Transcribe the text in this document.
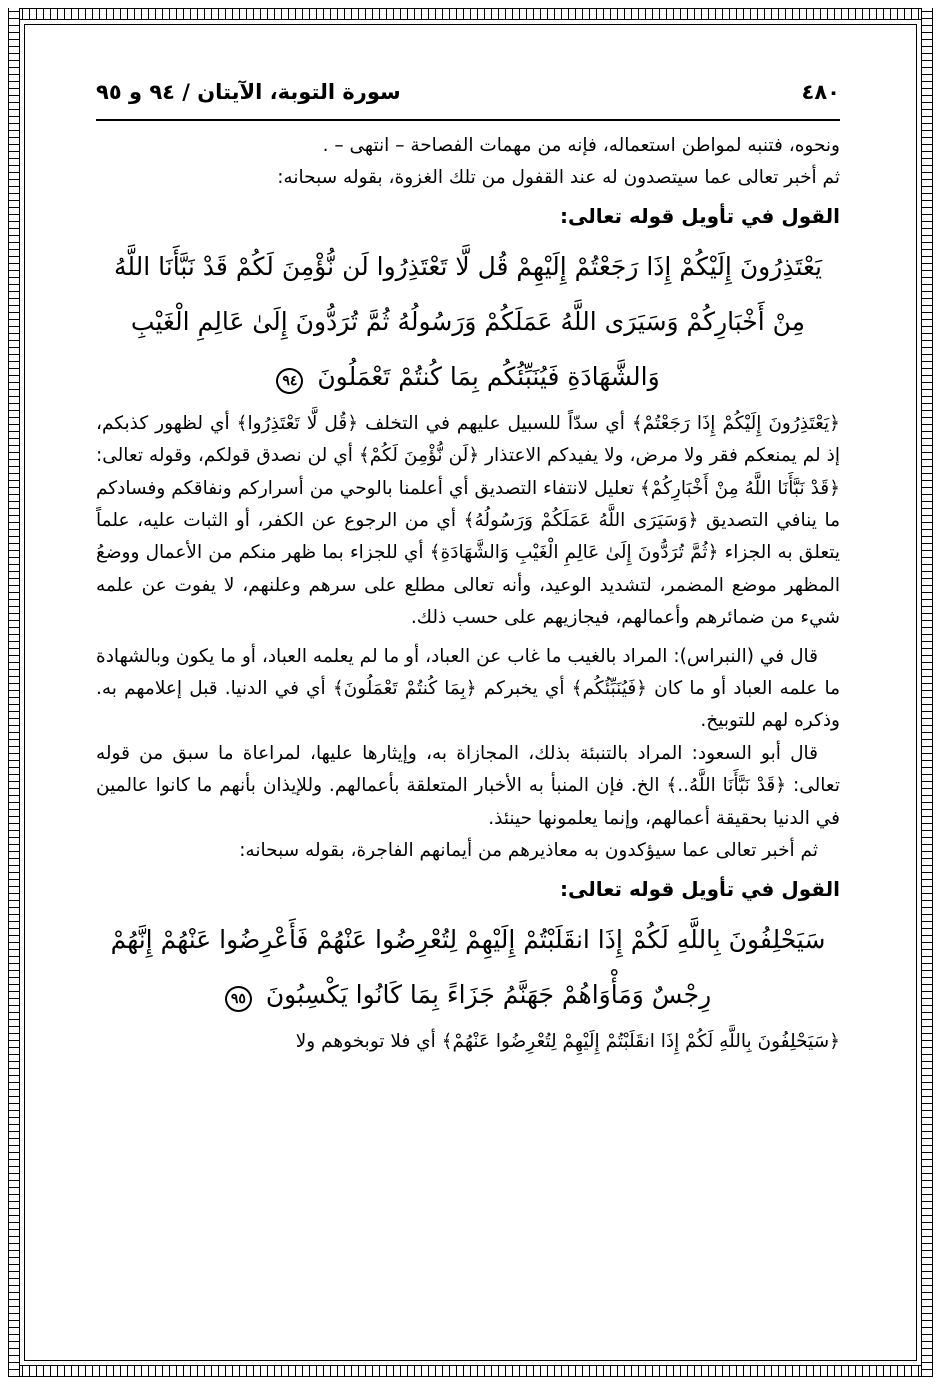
٤٨٠
سورة التوبة، الآيتان / ٩٤ و ٩٥

ونحوه، فتنبه لمواطن استعماله، فإنه من مهمات الفصاحة – انتهى – .

ثم أخبر تعالى عما سيتصدون له عند القفول من تلك الغزوة، بقوله سبحانه:

القول في تأويل قوله تعالى:

يَعْتَذِرُونَ إِلَيْكُمْ إِذَا رَجَعْتُمْ إِلَيْهِمْ قُل لَّا تَعْتَذِرُوا لَن نُّؤْمِنَ لَكُمْ قَدْ نَبَّأَنَا اللَّهُ مِنْ أَخْبَارِكُمْ وَسَيَرَى اللَّهُ عَمَلَكُمْ وَرَسُولُهُ ثُمَّ تُرَدُّونَ إِلَىٰ عَالِمِ الْغَيْبِ وَالشَّهَادَةِ فَيُنَبِّئُكُم بِمَا كُنتُمْ تَعْمَلُونَ ٩٤

﴿يَعْتَذِرُونَ إِلَيْكُمْ إِذَا رَجَعْتُمْ﴾ أي سدّاً للسبيل عليهم في التخلف ﴿قُل لَّا تَعْتَذِرُوا﴾ أي لظهور كذبكم، إذ لم يمنعكم فقر ولا مرض، ولا يفيدكم الاعتذار ﴿لَن نُّؤْمِنَ لَكُمْ﴾ أي لن نصدق قولكم، وقوله تعالى: ﴿قَدْ نَبَّأَنَا اللَّهُ مِنْ أَخْبَارِكُمْ﴾ تعليل لانتفاء التصديق أي أعلمنا بالوحي من أسراركم ونفاقكم وفسادكم ما ينافي التصديق ﴿وَسَيَرَى اللَّهُ عَمَلَكُمْ وَرَسُولُهُ﴾ أي من الرجوع عن الكفر، أو الثبات عليه، علماً يتعلق به الجزاء ﴿ثُمَّ تُرَدُّونَ إِلَىٰ عَالِمِ الْغَيْبِ وَالشَّهَادَةِ﴾ أي للجزاء بما ظهر منكم من الأعمال ووضعُ المظهر موضع المضمر، لتشديد الوعيد، وأنه تعالى مطلع على سرهم وعلنهم، لا يفوت عن علمه شيء من ضمائرهم وأعمالهم، فيجازيهم على حسب ذلك.

قال في (النبراس): المراد بالغيب ما غاب عن العباد، أو ما لم يعلمه العباد، أو ما يكون وبالشهادة ما علمه العباد أو ما كان ﴿فَيُنَبِّئُكُم﴾ أي يخبركم ﴿بِمَا كُنتُمْ تَعْمَلُونَ﴾ أي في الدنيا. قبل إعلامهم به. وذكره لهم للتوبيخ.

قال أبو السعود: المراد بالتنبئة بذلك، المجازاة به، وإيثارها عليها، لمراعاة ما سبق من قوله تعالى: ﴿قَدْ نَبَّأَنَا اللَّهُ..﴾ الخ. فإن المنبأ به الأخبار المتعلقة بأعمالهم. وللإيذان بأنهم ما كانوا عالمين في الدنيا بحقيقة أعمالهم، وإنما يعلمونها حينئذ.

ثم أخبر تعالى عما سيؤكدون به معاذيرهم من أيمانهم الفاجرة، بقوله سبحانه:

القول في تأويل قوله تعالى:

سَيَحْلِفُونَ بِاللَّهِ لَكُمْ إِذَا انقَلَبْتُمْ إِلَيْهِمْ لِتُعْرِضُوا عَنْهُمْ فَأَعْرِضُوا عَنْهُمْ إِنَّهُمْ رِجْسٌ وَمَأْوَاهُمْ جَهَنَّمُ جَزَاءً بِمَا كَانُوا يَكْسِبُونَ ٩٥

﴿سَيَحْلِفُونَ بِاللَّهِ لَكُمْ إِذَا انقَلَبْتُمْ إِلَيْهِمْ لِتُعْرِضُوا عَنْهُمْ﴾ أي فلا توبخوهم ولا
